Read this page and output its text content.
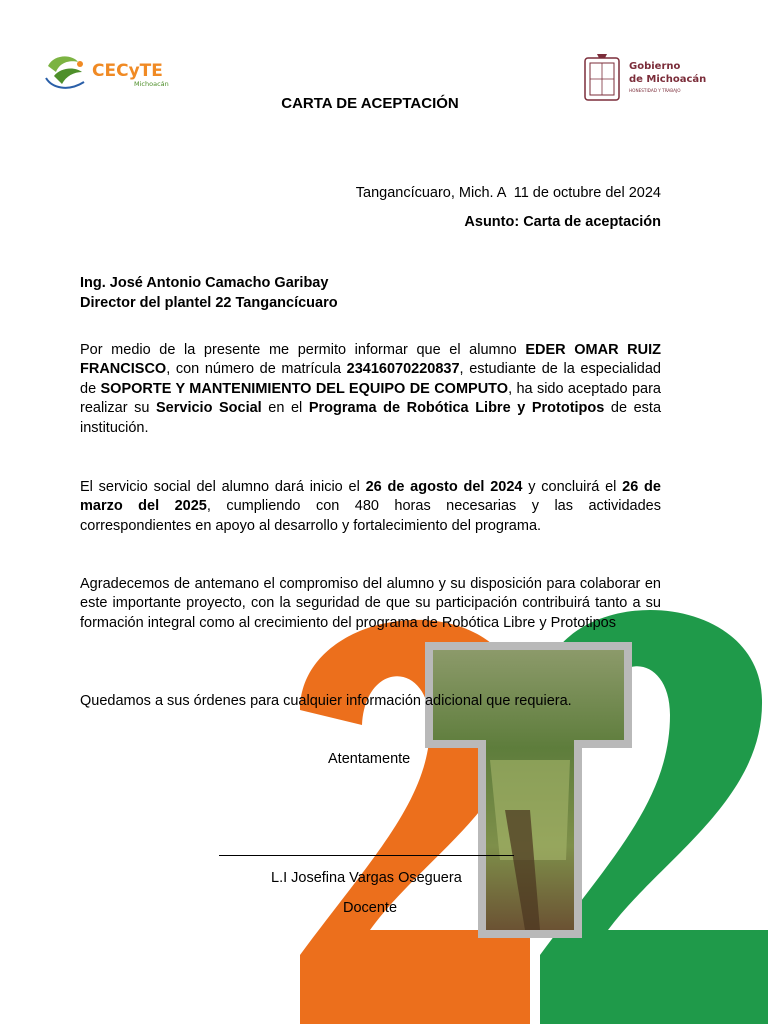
CECyTE
Michoacán
Gobierno
de Michoacán
HONESTIDAD Y TRABAJO
CARTA DE ACEPTACIÓN
Tangancícuaro, Mich. A  11 de octubre del 2024
Asunto: Carta de aceptación
Ing. José Antonio Camacho Garibay
Director del plantel 22 Tangancícuaro
Por medio de la presente me permito informar que el alumno EDER OMAR RUIZ FRANCISCO, con número de matrícula 23416070220837, estudiante de la especialidad de SOPORTE Y MANTENIMIENTO DEL EQUIPO DE COMPUTO, ha sido aceptado para realizar su Servicio Social en el Programa de Robótica Libre y Prototipos de esta institución.
El servicio social del alumno dará inicio el 26 de agosto del 2024 y concluirá el 26 de marzo del 2025, cumpliendo con 480 horas necesarias y las actividades correspondientes en apoyo al desarrollo y fortalecimiento del programa.
Agradecemos de antemano el compromiso del alumno y su disposición para colaborar en este importante proyecto, con la seguridad de que su participación contribuirá tanto a su formación integral como al crecimiento del programa de Robótica Libre y Prototipos
Quedamos a sus órdenes para cualquier información adicional que requiera.
Atentamente
L.I Josefina Vargas Oseguera
Docente
